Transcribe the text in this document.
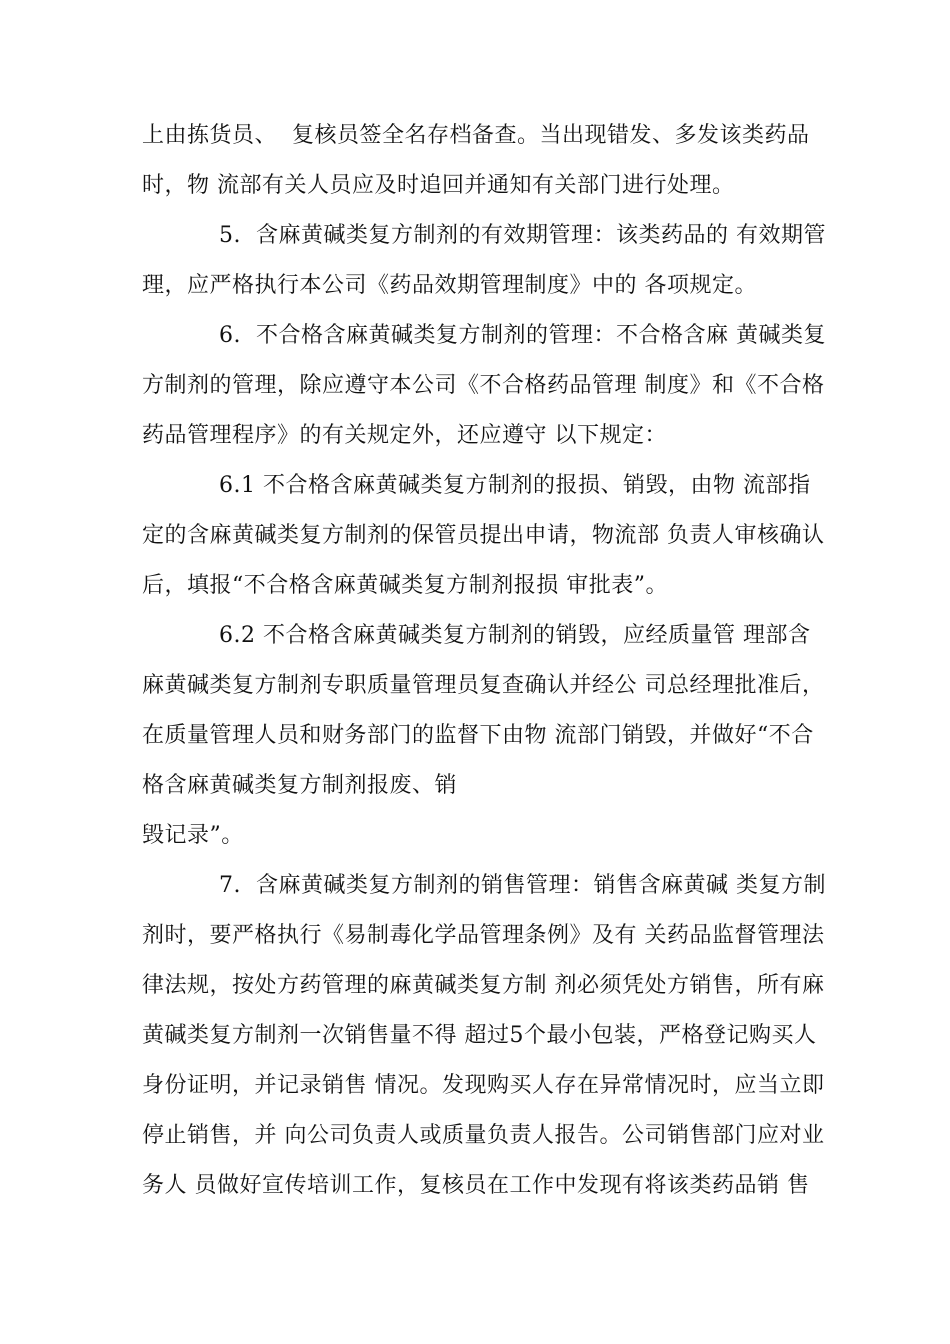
上由拣货员、  复核员签全名存档备查。当出现错发、多发该类药品
时，物 流部有关人员应及时追回并通知有关部门进行处理。
5.  含麻黄碱类复方制剂的有效期管理：该类药品的 有效期管
理，应严格执行本公司《药品效期管理制度》中的 各项规定。
6.  不合格含麻黄碱类复方制剂的管理：不合格含麻 黄碱类复
方制剂的管理，除应遵守本公司《不合格药品管理 制度》和《不合格
药品管理程序》的有关规定外，还应遵守 以下规定：
6.1 不合格含麻黄碱类复方制剂的报损、销毁，由物 流部指
定的含麻黄碱类复方制剂的保管员提出申请，物流部 负责人审核确认
后，填报“不合格含麻黄碱类复方制剂报损 审批表”。
6.2 不合格含麻黄碱类复方制剂的销毁，应经质量管 理部含
麻黄碱类复方制剂专职质量管理员复查确认并经公 司总经理批准后，
在质量管理人员和财务部门的监督下由物 流部门销毁，并做好“不合
格含麻黄碱类复方制剂报废、销
毁记录”。
7.  含麻黄碱类复方制剂的销售管理：销售含麻黄碱 类复方制
剂时，要严格执行《易制毒化学品管理条例》及有 关药品监督管理法
律法规，按处方药管理的麻黄碱类复方制 剂必须凭处方销售，所有麻
黄碱类复方制剂一次销售量不得 超过5个最小包装，严格登记购买人
身份证明，并记录销售 情况。发现购买人存在异常情况时，应当立即
停止销售，并 向公司负责人或质量负责人报告。公司销售部门应对业
务人 员做好宣传培训工作，复核员在工作中发现有将该类药品销 售
